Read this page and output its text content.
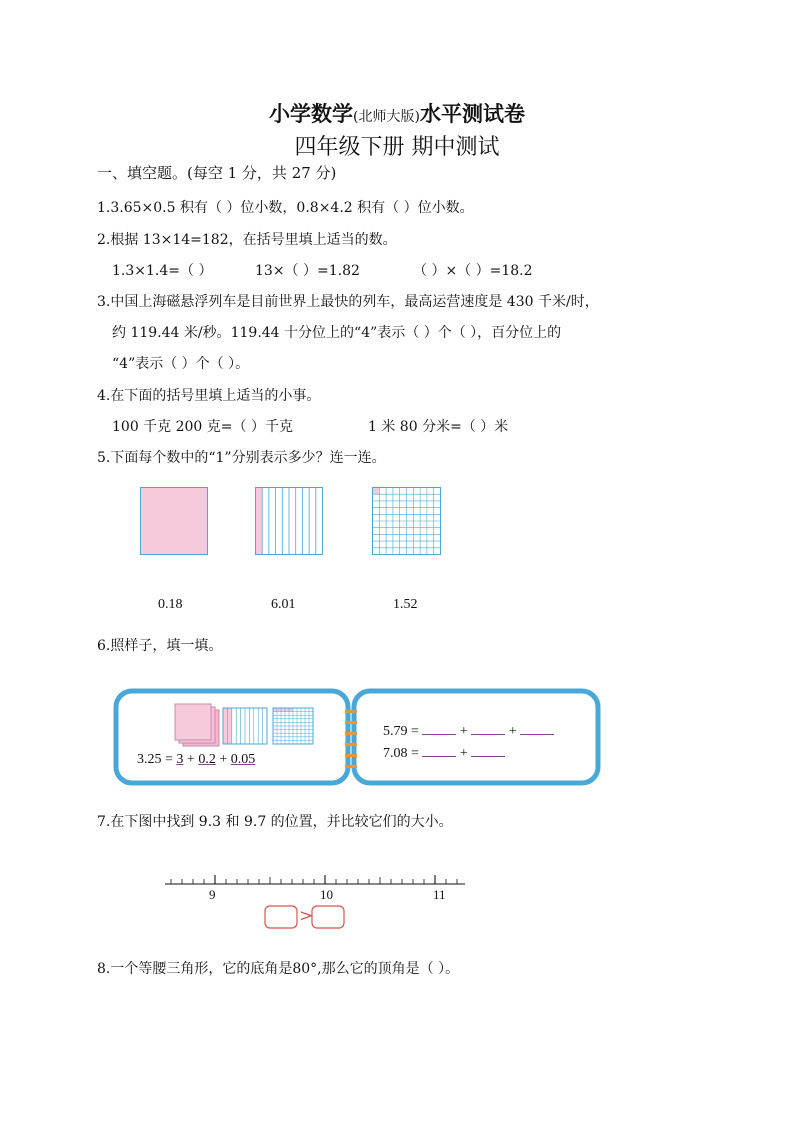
小学数学(北师大版)水平测试卷
四年级下册 期中测试
一、填空题。(每空 1 分，共 27 分)
1.3.65×0.5 积有（ ）位小数，0.8×4.2 积有（ ）位小数。
2.根据 13×14=182，在括号里填上适当的数。
1.3×1.4=（ ）	13×（ ）=1.82	（ ）×（ ）=18.2
3.中国上海磁悬浮列车是目前世界上最快的列车，最高运营速度是 430 千米/时，
约 119.44 米/秒。119.44 十分位上的“4”表示（ ）个（ ），百分位上的
“4”表示（ ）个（ ）。
4.在下面的括号里填上适当的小事。
100 千克 200 克=（ ）千克	1 米 80 分米=（ ）米
5.下面每个数中的“1”分别表示多少？连一连。
0.18	6.01	1.52
6.照样子，填一填。
3.25 = 3 + 0.2 + 0.05
5.79 =	+	+
7.08 =	+
7.在下图中找到 9.3 和 9.7 的位置，并比较它们的大小。
9	10	11
>
8.一个等腰三角形，它的底角是80°,那么它的顶角是（ ）。
